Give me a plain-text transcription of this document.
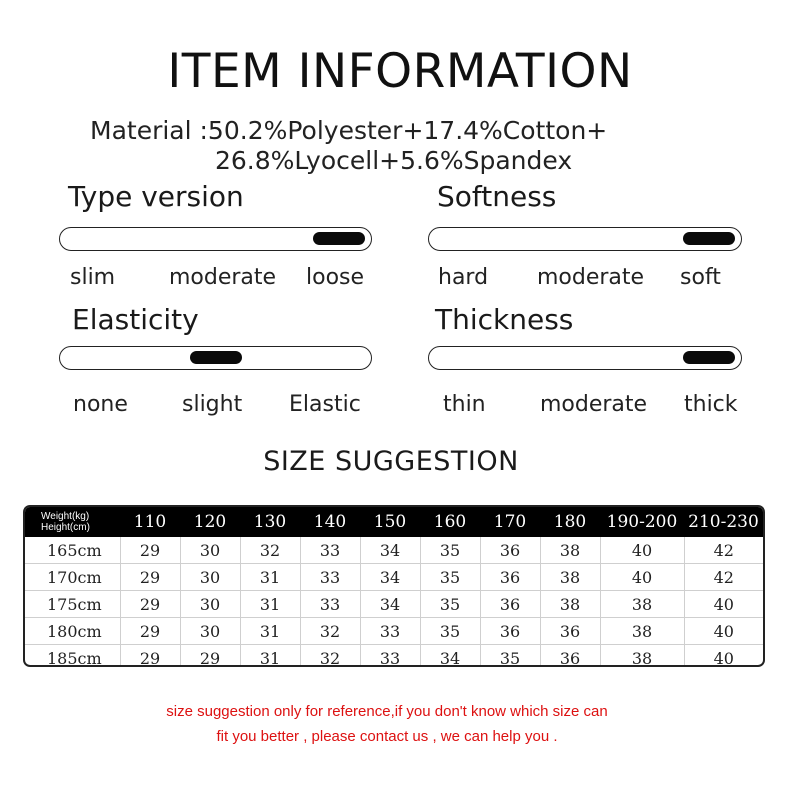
ITEM INFORMATION
Material :50.2%Polyester+17.4%Cotton+
26.8%Lyocell+5.6%Spandex
Type version
slim moderate loose
Softness
hard moderate soft
Elasticity
none slight Elastic
Thickness
thin moderate thick
SIZE SUGGESTION
Weight(kg)
Height(cm)	110	120	130	140	150	160	170	180	190-200	210-230
165cm	29	30	32	33	34	35	36	38	40	42
170cm	29	30	31	33	34	35	36	38	40	42
175cm	29	30	31	33	34	35	36	38	38	40
180cm	29	30	31	32	33	35	36	36	38	40
185cm	29	29	31	32	33	34	35	36	38	40
size suggestion only for reference,if you don't know which size can
fit you better , please contact us , we can help you .
